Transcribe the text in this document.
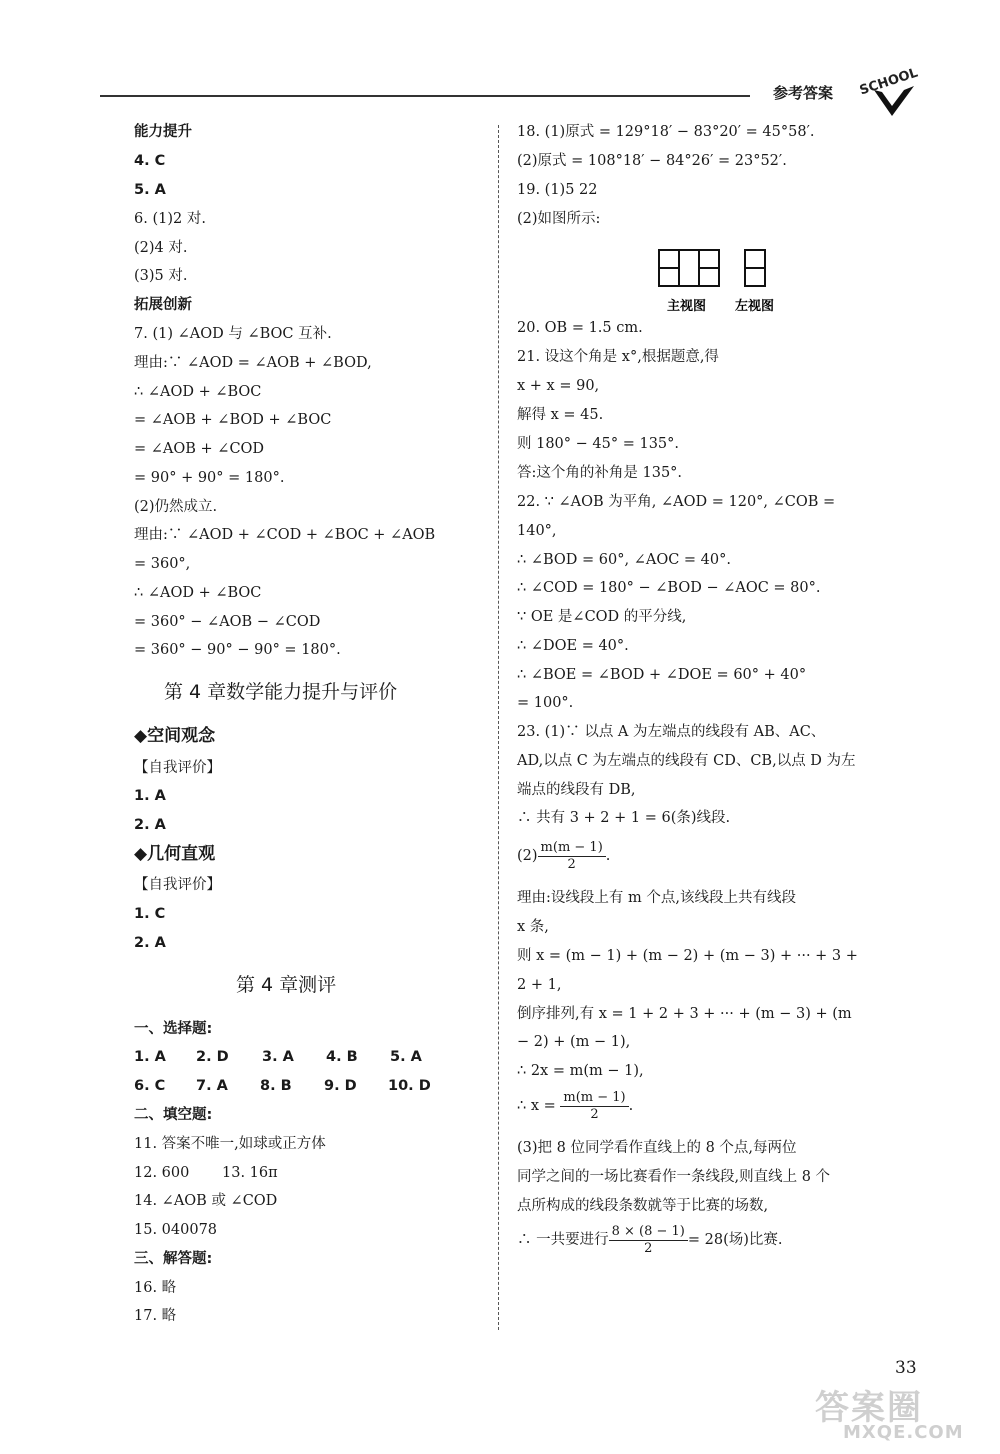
参考答案 SCHOOL
能力提升
4. C
5. A
6. (1)2 对.
(2)4 对.
(3)5 对.
拓展创新
7. (1) ∠AOD 与 ∠BOC 互补.
理由:∵ ∠AOD = ∠AOB + ∠BOD,
∴ ∠AOD + ∠BOC
= ∠AOB + ∠BOD + ∠BOC
= ∠AOB + ∠COD
= 90° + 90° = 180°.
(2)仍然成立.
理由:∵ ∠AOD + ∠COD + ∠BOC + ∠AOB
= 360°,
∴ ∠AOD + ∠BOC
= 360° − ∠AOB − ∠COD
= 360° − 90° − 90° = 180°.
第 4 章数学能力提升与评价
◆空间观念
【自我评价】
1. A
2. A
◆几何直观
【自我评价】
1. C
2. A
第 4 章测评
一、选择题:
1. A 2. D 3. A 4. B 5. A
6. C 7. A 8. B 9. D 10. D
二、填空题:
11. 答案不唯一,如球或正方体
12. 600 13. 16π
14. ∠AOB 或 ∠COD
15. 040078
三、解答题:
16. 略
17. 略
18. (1)原式 = 129°18′ − 83°20′ = 45°58′.
(2)原式 = 108°18′ − 84°26′ = 23°52′.
19. (1)5 22
(2)如图所示:
主视图 左视图
20. OB = 1.5 cm.
21. 设这个角是 x°,根据题意,得
x + x = 90,
解得 x = 45.
则 180° − 45° = 135°.
答:这个角的补角是 135°.
22. ∵ ∠AOB 为平角, ∠AOD = 120°, ∠COB =
140°,
∴ ∠BOD = 60°, ∠AOC = 40°.
∴ ∠COD = 180° − ∠BOD − ∠AOC = 80°.
∵ OE 是∠COD 的平分线,
∴ ∠DOE = 40°.
∴ ∠BOE = ∠BOD + ∠DOE = 60° + 40°
= 100°.
23. (1)∵ 以点 A 为左端点的线段有 AB、AC、
AD,以点 C 为左端点的线段有 CD、CB,以点 D 为左
端点的线段有 DB,
∴ 共有 3 + 2 + 1 = 6(条)线段.
$(2) \frac{m(m - 1)}{2}$ .
理由:设线段上有 m 个点,该线段上共有线段
x 条,
则 x = (m − 1) + (m − 2) + (m − 3) + ··· + 3 +
2 + 1,
倒序排列,有 x = 1 + 2 + 3 + ··· + (m − 3) + (m
− 2) + (m − 1),
∴ 2x = m(m − 1),
∴ $x = \frac{m(m - 1)}{2}$ .
(3)把 8 位同学看作直线上的 8 个点,每两位
同学之间的一场比赛看作一条线段,则直线上 8 个
点所构成的线段条数就等于比赛的场数,
∴ 一共要进行 $\frac{8 \times (8 - 1)}{2} = 28$(场)比赛.
33
答案圈
MXQE.COM
